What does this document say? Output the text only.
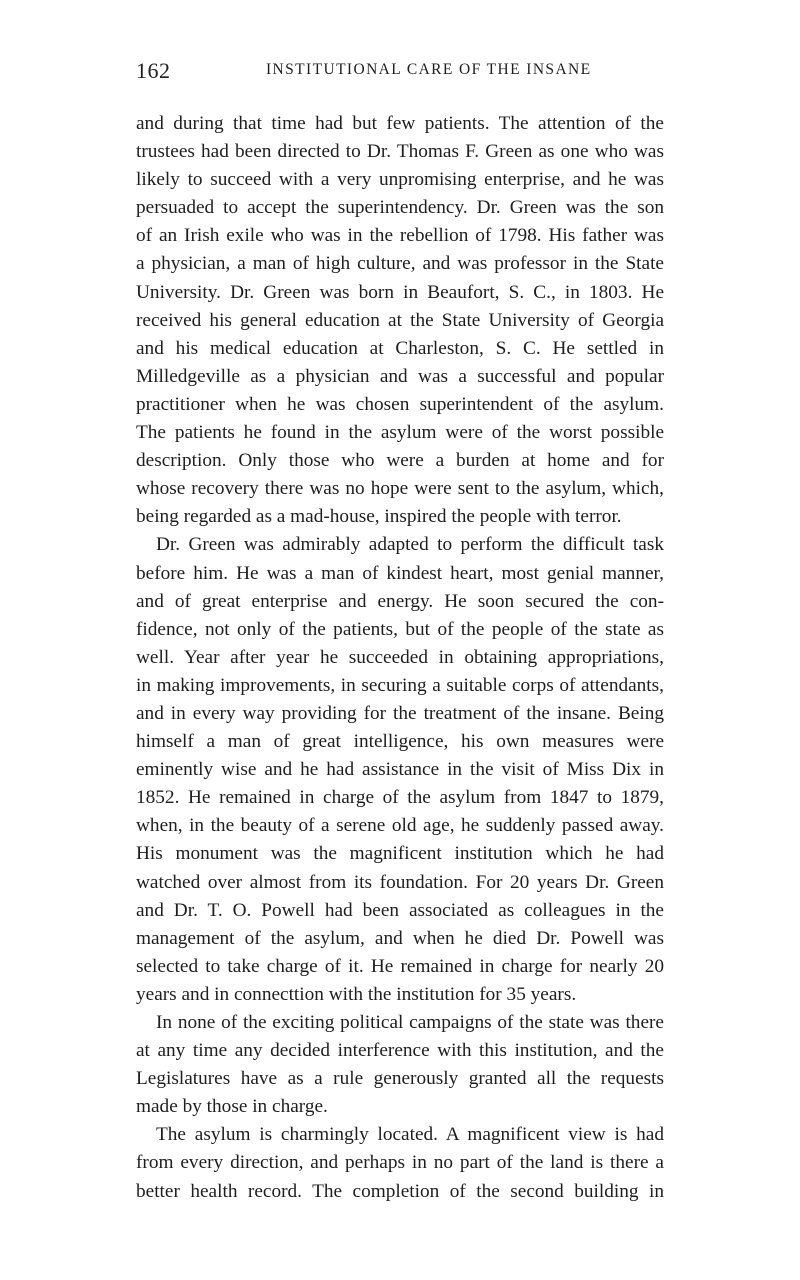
162	INSTITUTIONAL CARE OF THE INSANE
and during that time had but few patients. The attention of the
trustees had been directed to Dr. Thomas F. Green as one who was
likely to succeed with a very unpromising enterprise, and he was
persuaded to accept the superintendency. Dr. Green was the son
of an Irish exile who was in the rebellion of 1798. His father was
a physician, a man of high culture, and was professor in the State
University. Dr. Green was born in Beaufort, S. C., in 1803. He
received his general education at the State University of Georgia
and his medical education at Charleston, S. C. He settled in
Milledgeville as a physician and was a successful and popular
practitioner when he was chosen superintendent of the asylum.
The patients he found in the asylum were of the worst possible
description. Only those who were a burden at home and for
whose recovery there was no hope were sent to the asylum, which,
being regarded as a mad-house, inspired the people with terror.
Dr. Green was admirably adapted to perform the difficult task
before him. He was a man of kindest heart, most genial manner,
and of great enterprise and energy. He soon secured the con-
fidence, not only of the patients, but of the people of the state as
well. Year after year he succeeded in obtaining appropriations,
in making improvements, in securing a suitable corps of attendants,
and in every way providing for the treatment of the insane. Being
himself a man of great intelligence, his own measures were
eminently wise and he had assistance in the visit of Miss Dix in
1852. He remained in charge of the asylum from 1847 to 1879,
when, in the beauty of a serene old age, he suddenly passed away.
His monument was the magnificent institution which he had
watched over almost from its foundation. For 20 years Dr. Green
and Dr. T. O. Powell had been associated as colleagues in the
management of the asylum, and when he died Dr. Powell was
selected to take charge of it. He remained in charge for nearly 20
years and in connecttion with the institution for 35 years.
In none of the exciting political campaigns of the state was there
at any time any decided interference with this institution, and the
Legislatures have as a rule generously granted all the requests
made by those in charge.
The asylum is charmingly located. A magnificent view is had
from every direction, and perhaps in no part of the land is there a
better health record. The completion of the second building in
